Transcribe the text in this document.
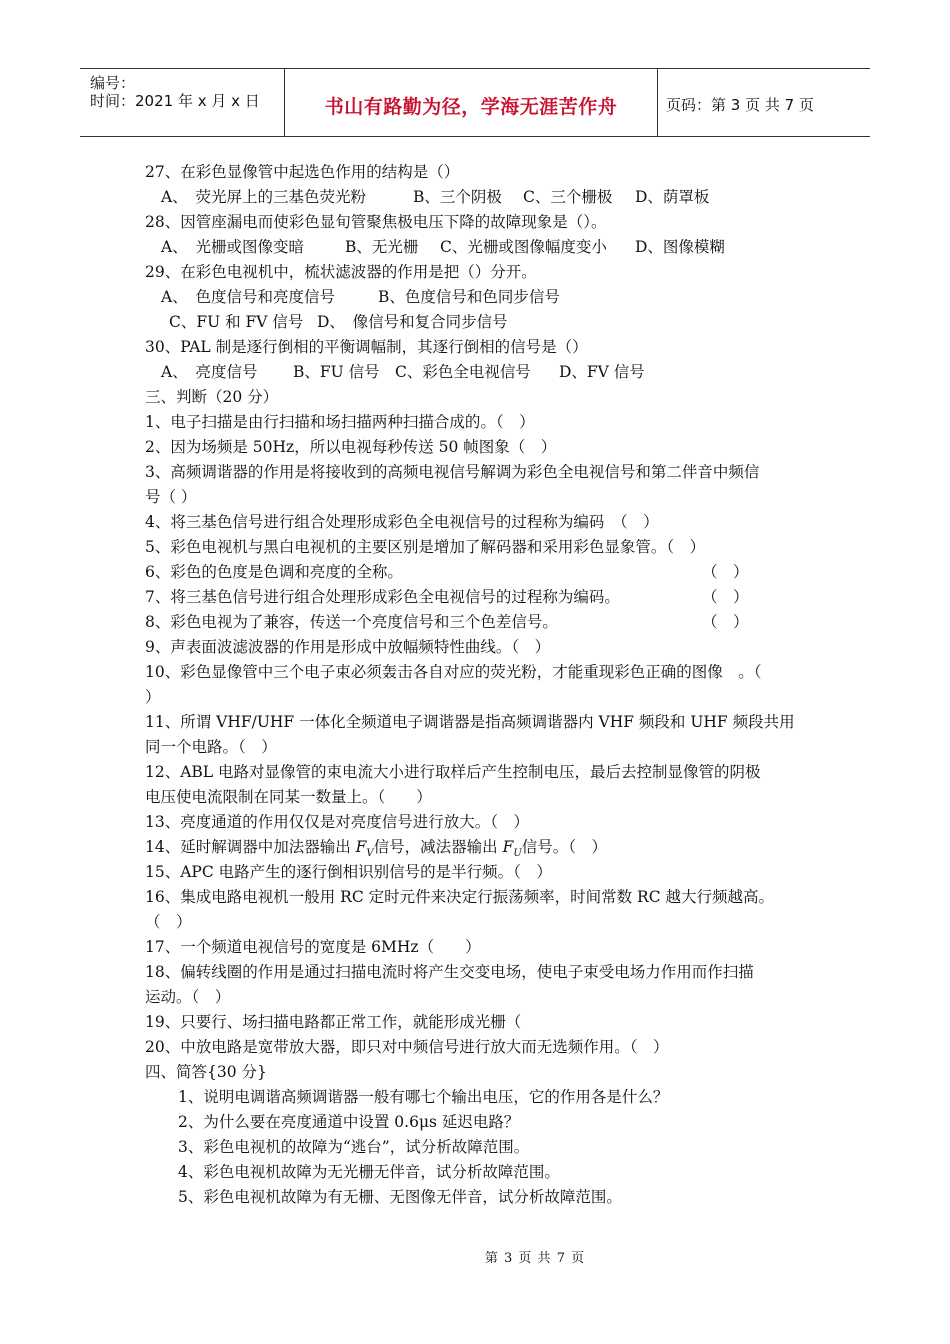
编号：
时间：2021 年 x 月 x 日	书山有路勤为径，学海无涯苦作舟	页码：第 3 页 共 7 页
27、在彩色显像管中起选色作用的结构是（）
A、　荧光屏上的三基色荧光粉	B、三个阴极 C、三个栅极 D、荫罩板
28、因管座漏电而使彩色显旬管聚焦极电压下降的故障现象是（）。
A、　光栅或图像变暗	B、无光栅 C、光栅或图像幅度变小 D、图像模糊
29、在彩色电视机中，梳状滤波器的作用是把（）分开。
A、　色度信号和亮度信号	B、色度信号和色同步信号
C、FU 和 FV 信号 D、　像信号和复合同步信号
30、PAL 制是逐行倒相的平衡调幅制，其逐行倒相的信号是（）
A、　亮度信号 B、FU 信号 C、彩色全电视信号 D、FV 信号
三、判断（20 分）
1、电子扫描是由行扫描和场扫描两种扫描合成的。（　）
2、因为场频是 50Hz，所以电视每秒传送 50 帧图象（　）
3、高频调谐器的作用是将接收到的高频电视信号解调为彩色全电视信号和第二伴音中频信
号（ ）
4、将三基色信号进行组合处理形成彩色全电视信号的过程称为编码　（　）
5、彩色电视机与黑白电视机的主要区别是增加了解码器和采用彩色显象管。（　）
6、彩色的色度是色调和亮度的全称。	（　）
7、将三基色信号进行组合处理形成彩色全电视信号的过程称为编码。	（　）
8、彩色电视为了兼容，传送一个亮度信号和三个色差信号。	（　）
9、声表面波滤波器的作用是形成中放幅频特性曲线。（　）
10、彩色显像管中三个电子束必须轰击各自对应的荧光粉，才能重现彩色正确的图像　。（
）
11、所谓 VHF/UHF 一体化全频道电子调谐器是指高频调谐器内 VHF 频段和 UHF 频段共用
同一个电路。（　）
12、ABL 电路对显像管的束电流大小进行取样后产生控制电压，最后去控制显像管的阴极
电压使电流限制在同某一数量上。（　　）
13、亮度通道的作用仅仅是对亮度信号进行放大。（　）
14、延时解调器中加法器输出 $F_V$信号，减法器输出 $F_U$信号。（　）
15、APC 电路产生的逐行倒相识别信号的是半行频。（　）
16、集成电路电视机一般用 RC 定时元件来决定行振荡频率，时间常数 RC 越大行频越高。
（　）
17、一个频道电视信号的宽度是 6MHz（　　）
18、偏转线圈的作用是通过扫描电流时将产生交变电场，使电子束受电场力作用而作扫描
运动。（　）
19、只要行、场扫描电路都正常工作，就能形成光栅（
20、中放电路是宽带放大器，即只对中频信号进行放大而无选频作用。（　）
四、简答{30 分}
1、说明电调谐高频调谐器一般有哪七个输出电压，它的作用各是什么？
2、为什么要在亮度通道中设置 0.6μs 延迟电路？
3、彩色电视机的故障为“逃台”，试分析故障范围。
4、彩色电视机故障为无光栅无伴音，试分析故障范围。
5、彩色电视机故障为有无栅、无图像无伴音，试分析故障范围。
第 3 页 共 7 页
